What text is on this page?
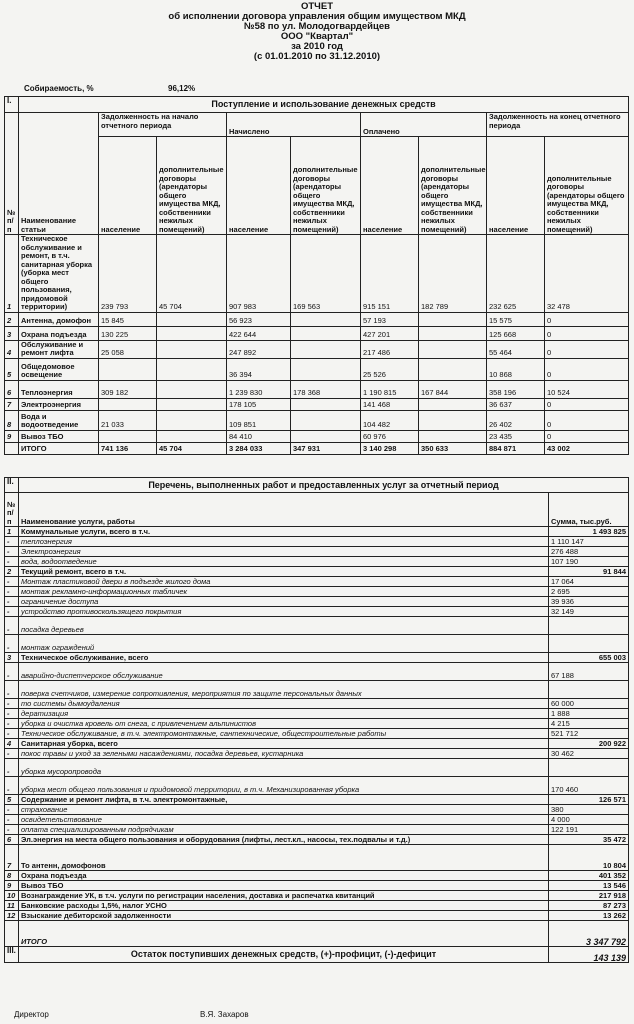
ОТЧЕТ
об исполнении договора управления общим имуществом МКД
№58 по ул. Молодогвардейцев
ООО "Квартал"
за 2010 год
(с 01.01.2010 по 31.12.2010)
Собираемость, %	96,12%
I.	Поступление и использование денежных средств								
№ п/ п	Наименование статьи	Задолженность на начало отчетного периода		Начислено		Оплачено		Задолженность на конец отчетного периода	
		население	дополнительные договоры (арендаторы общего имущества МКД, собственники нежилых помещений)	население	дополнительные договоры (арендаторы общего имущества МКД, собственники нежилых помещений)	население	дополнительные договоры (арендаторы общего имущества МКД, собственники нежилых помещений)	население	дополнительные договоры (арендаторы общего имущества МКД, собственники нежилых помещений)
1	Техническое обслуживание и ремонт, в т.ч. санитарная уборка (уборка мест общего пользования, придомовой территории)	239 793	45 704	907 983	169 563	915 151	182 789	232 625	32 478
2	Антенна, домофон	15 845		56 923		57 193		15 575	0
3	Охрана подъезда	130 225		422 644		427 201		125 668	0
4	Обслуживание и ремонт лифта	25 058		247 892		217 486		55 464	0
5	Общедомовое освещение			36 394		25 526		10 868	0
6	Теплоэнергия	309 182		1 239 830	178 368	1 190 815	167 844	358 196	10 524
7	Электроэнергия			178 105		141 468		36 637	0
8	Вода и водоотведение	21 033		109 851		104 482		26 402	0
9	Вывоз ТБО			84 410		60 976		23 435	0
	ИТОГО	741 136	45 704	3 284 033	347 931	3 140 298	350 633	884 871	43 002
II.	Перечень, выполненных работ и предоставленных услуг за отчетный период	
№ п/ п	Наименование услуги, работы	Сумма, тыс.руб.
1	Коммунальные услуги, всего в т.ч.	1 493 825
-	теплоэнергия	1 110 147
-	Электроэнергия	276 488
-	вода, водоотведение	107 190
2	Текущий ремонт, всего в т.ч.	91 844
-	Монтаж пластиковой двери в подъезде жилого дома	17 064
-	монтаж рекламно-информационных табличек	2 695
-	ограничение доступа	39 936
-	устройство противоскользящего покрытия	32 149
-	посадка деревьев	
-	монтаж ограждений	
3	Техническое обслуживание, всего	655 003
-	аварийно-диспетчерское обслуживание	67 188
-	поверка счетчиков, измерение сопротивления, мероприятия по защите персональных данных	
-	то системы дымоудаления	60 000
-	дератизация	1 888
-	уборка и очистка кровель от снега, с привлечением альпинистов	4 215
-	Техническое обслуживание, в т.ч. электромонтажные, сантехнические, общестроительные работы	521 712
4	Санитарная уборка, всего	200 922
-	покос травы и уход за зелеными насаждениями, посадка деревьев, кустарника	30 462
-	уборка мусоропровода	
-	уборка мест общего пользования и придомовой территории, в т.ч. Механизированная уборка	170 460
5	Содержание и ремонт лифта, в т.ч. электромонтажные,	126 571
-	страхование	380
-	освидетельствование	4 000
-	оплата специализированным подрядчикам	122 191
6	Эл.энергия на места общего пользования и оборудования (лифты, лест.кл., насосы, тех.подвалы и т.д.)	35 472
7	То антенн, домофонов	10 804
8	Охрана подъезда	401 352
9	Вывоз ТБО	13 546
10	Вознаграждение УК, в т.ч. услуги по регистрации населения, доставка и распечатка квитанций	217 918
11	Банковские расходы 1,5%, налог УСНО	87 273
12	Взыскание дебиторской задолженности	13 262
	ИТОГО	3 347 792
III.	Остаток поступивших денежных средств, (+)-профицит, (-)-дефицит	143 139
Директор	В.Я. Захаров
